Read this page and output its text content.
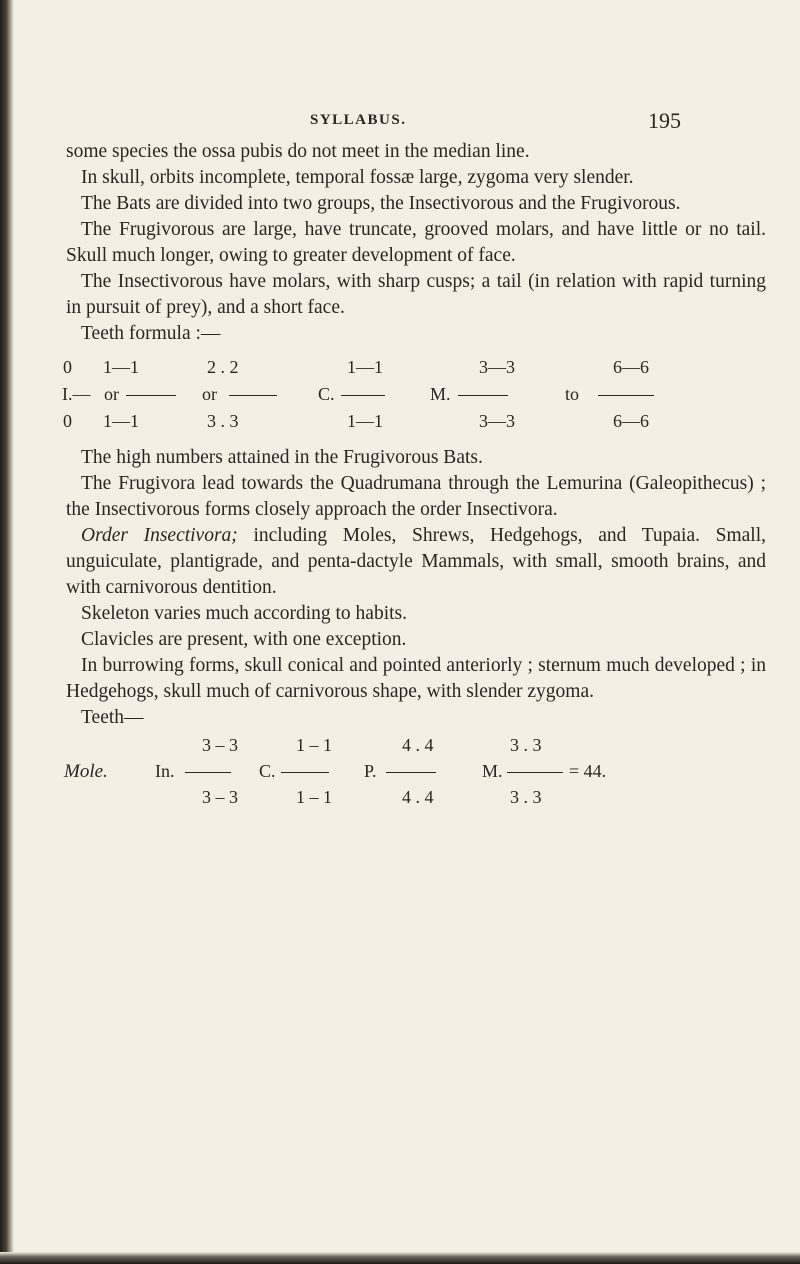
SYLLABUS.	195

some species the ossa pubis do not meet in the median line.

In skull, orbits incomplete, temporal fossæ large, zygoma very slender.

The Bats are divided into two groups, the Insectivorous and the Frugivorous.

The Frugivorous are large, have truncate, grooved molars, and have little or no tail. Skull much longer, owing to greater development of face.

The Insectivorous have molars, with sharp cusps; a tail (in relation with rapid turning in pursuit of prey), and a short face.

Teeth formula :—

0 1—1	2 . 2	1—1	3—3	6—6
I.— or	or	C.	M.	to
0 1—1	3 . 3	1—1	3—3	6—6

The high numbers attained in the Frugivorous Bats.

The Frugivora lead towards the Quadrumana through the Lemurina (Galeopithecus) ; the Insectivorous forms closely approach the order Insectivora.

Order Insectivora; including Moles, Shrews, Hedgehogs, and Tupaia. Small, unguiculate, plantigrade, and penta-dactyle Mammals, with small, smooth brains, and with carnivorous dentition.

Skeleton varies much according to habits.

Clavicles are present, with one exception.

In burrowing forms, skull conical and pointed anteriorly ; sternum much developed ; in Hedgehogs, skull much of carnivorous shape, with slender zygoma.

Teeth—

3 – 3	1 – 1	4 . 4	3 . 3
Mole.	In.	C.	P.	M.	= 44.
3 – 3	1 – 1	4 . 4	3 . 3
